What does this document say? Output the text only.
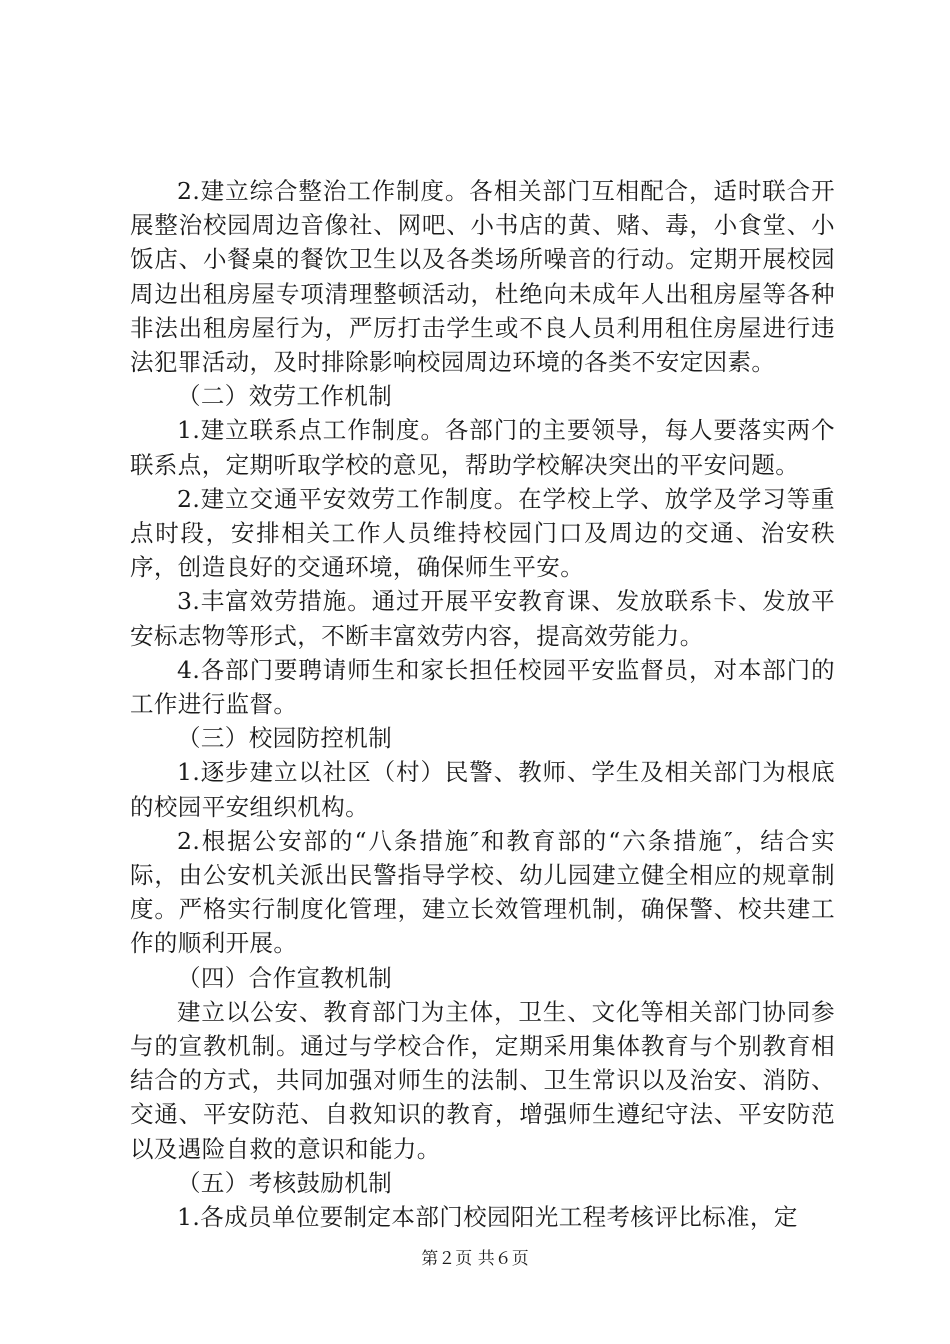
2.建立综合整治工作制度。各相关部门互相配合，适时联合开展整治校园周边音像社、网吧、小书店的黄、赌、毒，小食堂、小饭店、小餐桌的餐饮卫生以及各类场所噪音的行动。定期开展校园周边出租房屋专项清理整顿活动，杜绝向未成年人出租房屋等各种非法出租房屋行为，严厉打击学生或不良人员利用租住房屋进行违法犯罪活动，及时排除影响校园周边环境的各类不安定因素。

（二）效劳工作机制

1.建立联系点工作制度。各部门的主要领导，每人要落实两个联系点，定期听取学校的意见，帮助学校解决突出的平安问题。

2.建立交通平安效劳工作制度。在学校上学、放学及学习等重点时段，安排相关工作人员维持校园门口及周边的交通、治安秩序，创造良好的交通环境，确保师生平安。

3.丰富效劳措施。通过开展平安教育课、发放联系卡、发放平安标志物等形式，不断丰富效劳内容，提高效劳能力。

4.各部门要聘请师生和家长担任校园平安监督员，对本部门的工作进行监督。

（三）校园防控机制

1.逐步建立以社区（村）民警、教师、学生及相关部门为根底的校园平安组织机构。

2.根据公安部的“八条措施″和教育部的“六条措施″，结合实际，由公安机关派出民警指导学校、幼儿园建立健全相应的规章制度。严格实行制度化管理，建立长效管理机制，确保警、校共建工作的顺利开展。

（四）合作宣教机制

建立以公安、教育部门为主体，卫生、文化等相关部门协同参与的宣教机制。通过与学校合作，定期采用集体教育与个别教育相结合的方式，共同加强对师生的法制、卫生常识以及治安、消防、交通、平安防范、自救知识的教育，增强师生遵纪守法、平安防范以及遇险自救的意识和能力。

（五）考核鼓励机制

1.各成员单位要制定本部门校园阳光工程考核评比标准，定

第２页 共６页
